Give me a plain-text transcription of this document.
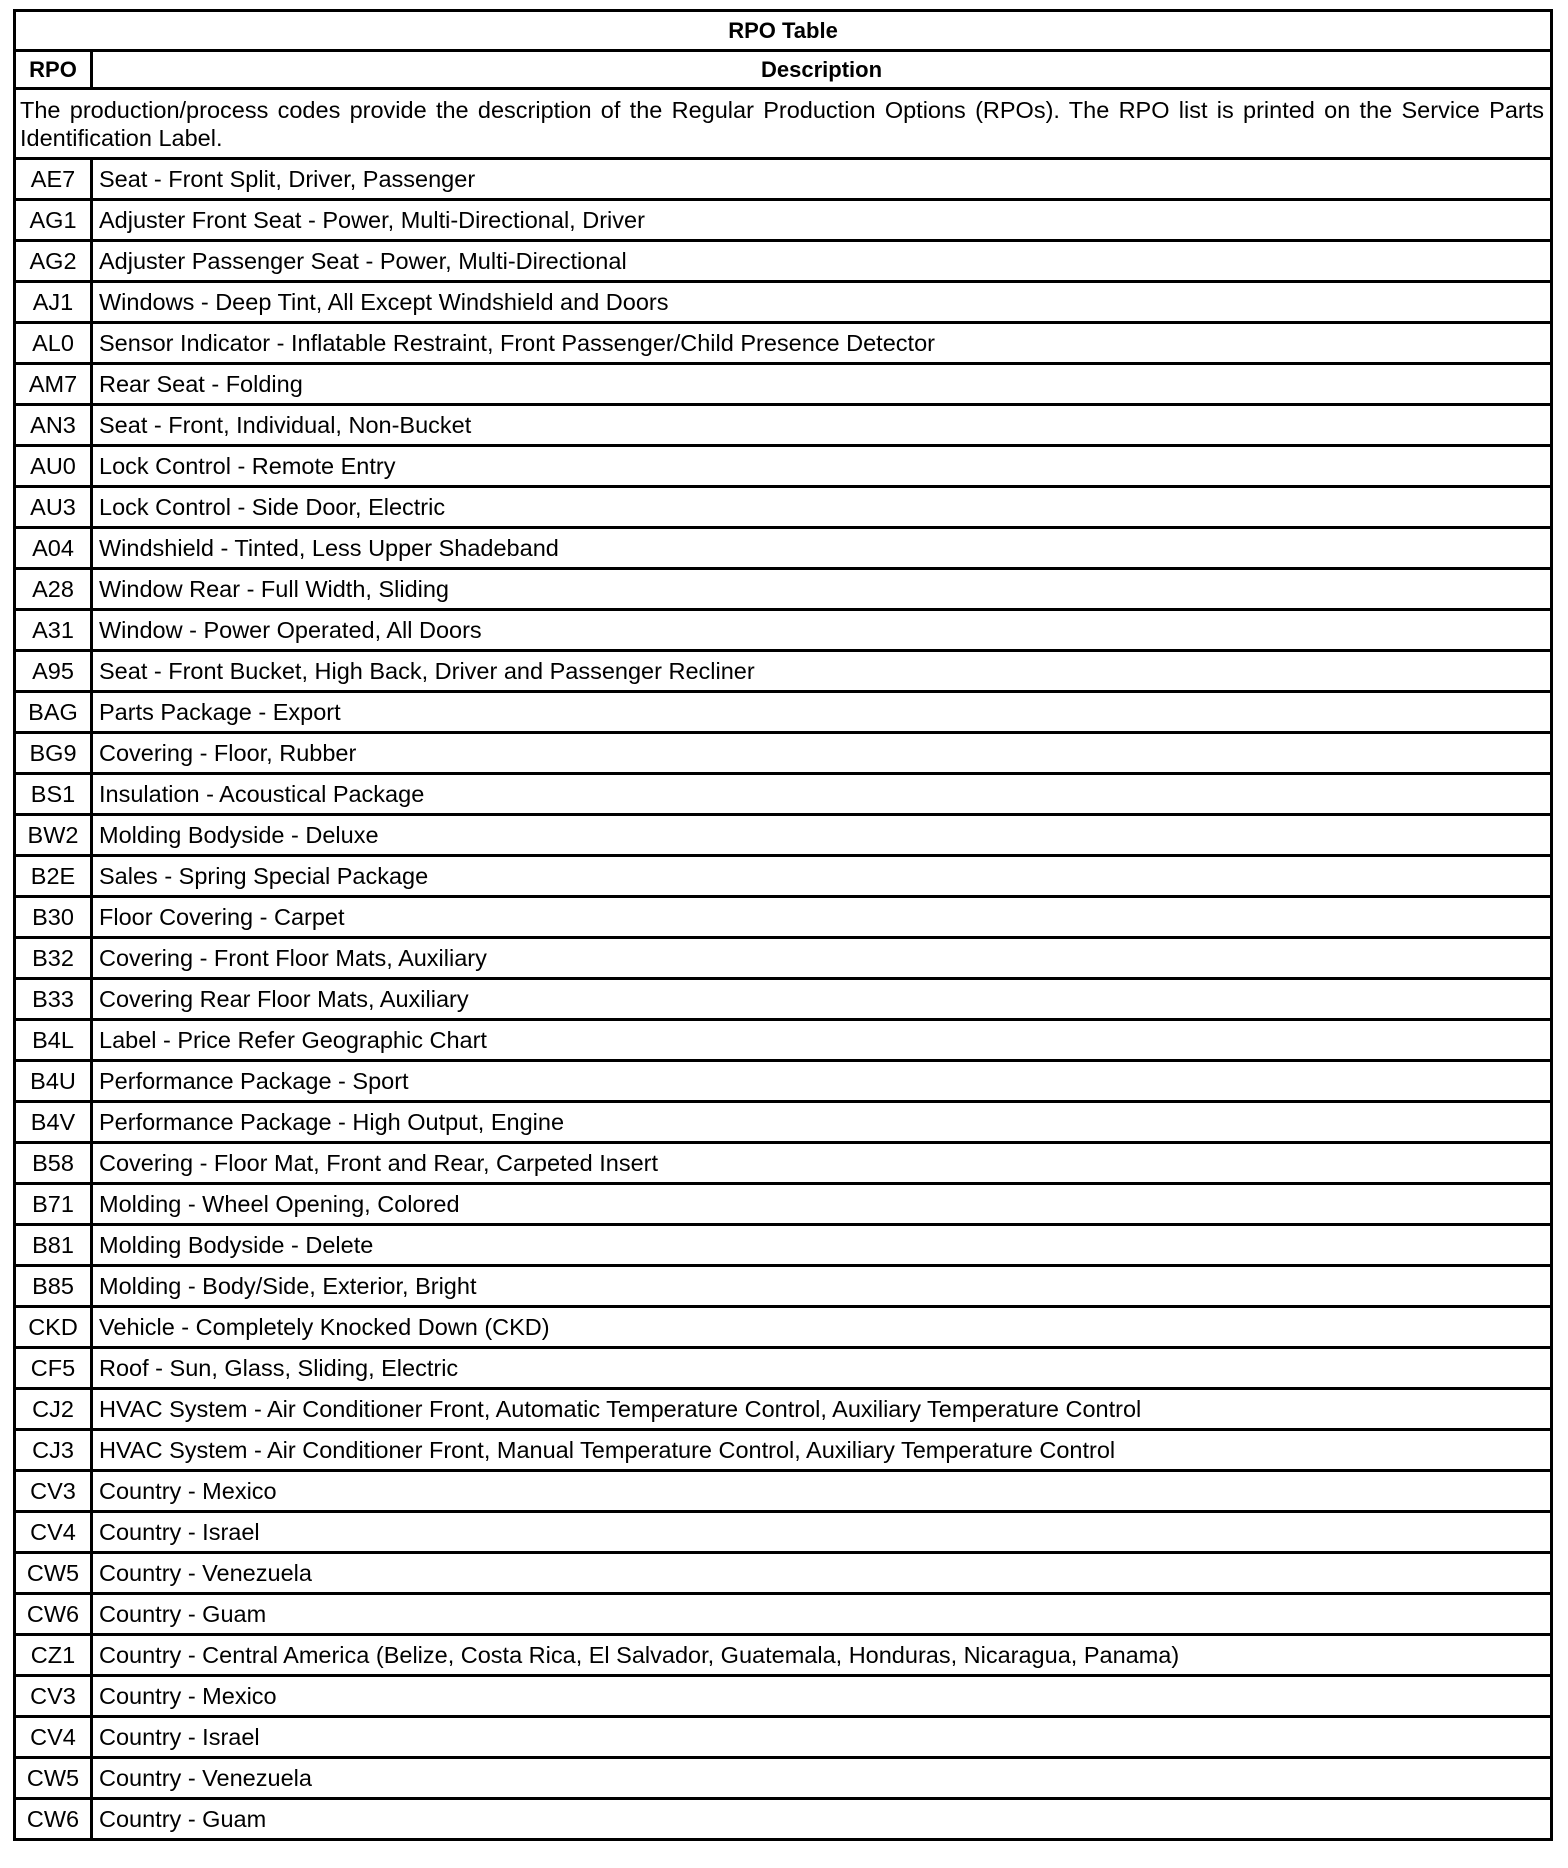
RPO Table
RPO	Description
The production/process codes provide the description of the Regular Production Options (RPOs). The RPO list is printed on the Service Parts Identification Label.
AE7	Seat - Front Split, Driver, Passenger
AG1 Adjuster Front Seat - Power, Multi-Directional, Driver
AG2 Adjuster Passenger Seat - Power, Multi-Directional
AJ1	Windows - Deep Tint, All Except Windshield and Doors
AL0	Sensor Indicator - Inflatable Restraint, Front Passenger/Child Presence Detector
AM7 Rear Seat - Folding
AN3 Seat - Front, Individual, Non-Bucket
AU0 Lock Control - Remote Entry
AU3 Lock Control - Side Door, Electric
A04	Windshield - Tinted, Less Upper Shadeband
A28	Window Rear - Full Width, Sliding
A31	Window - Power Operated, All Doors
A95	Seat - Front Bucket, High Back, Driver and Passenger Recliner
BAG Parts Package - Export
BG9 Covering - Floor, Rubber
BS1	Insulation - Acoustical Package
BW2 Molding Bodyside - Deluxe
B2E	Sales - Spring Special Package
B30	Floor Covering - Carpet
B32	Covering - Front Floor Mats, Auxiliary
B33	Covering Rear Floor Mats, Auxiliary
B4L	Label - Price Refer Geographic Chart
B4U Performance Package - Sport
B4V	Performance Package - High Output, Engine
B58	Covering - Floor Mat, Front and Rear, Carpeted Insert
B71	Molding - Wheel Opening, Colored
B81	Molding Bodyside - Delete
B85	Molding - Body/Side, Exterior, Bright
CKD Vehicle - Completely Knocked Down (CKD)
CF5	Roof - Sun, Glass, Sliding, Electric
CJ2	HVAC System - Air Conditioner Front, Automatic Temperature Control, Auxiliary Temperature Control
CJ3	HVAC System - Air Conditioner Front, Manual Temperature Control, Auxiliary Temperature Control
CV3 Country - Mexico
CV4 Country - Israel
CW5 Country - Venezuela
CW6 Country - Guam
CZ1	Country - Central America (Belize, Costa Rica, El Salvador, Guatemala, Honduras, Nicaragua, Panama)
CV3 Country - Mexico
CV4 Country - Israel
CW5 Country - Venezuela
CW6 Country - Guam
